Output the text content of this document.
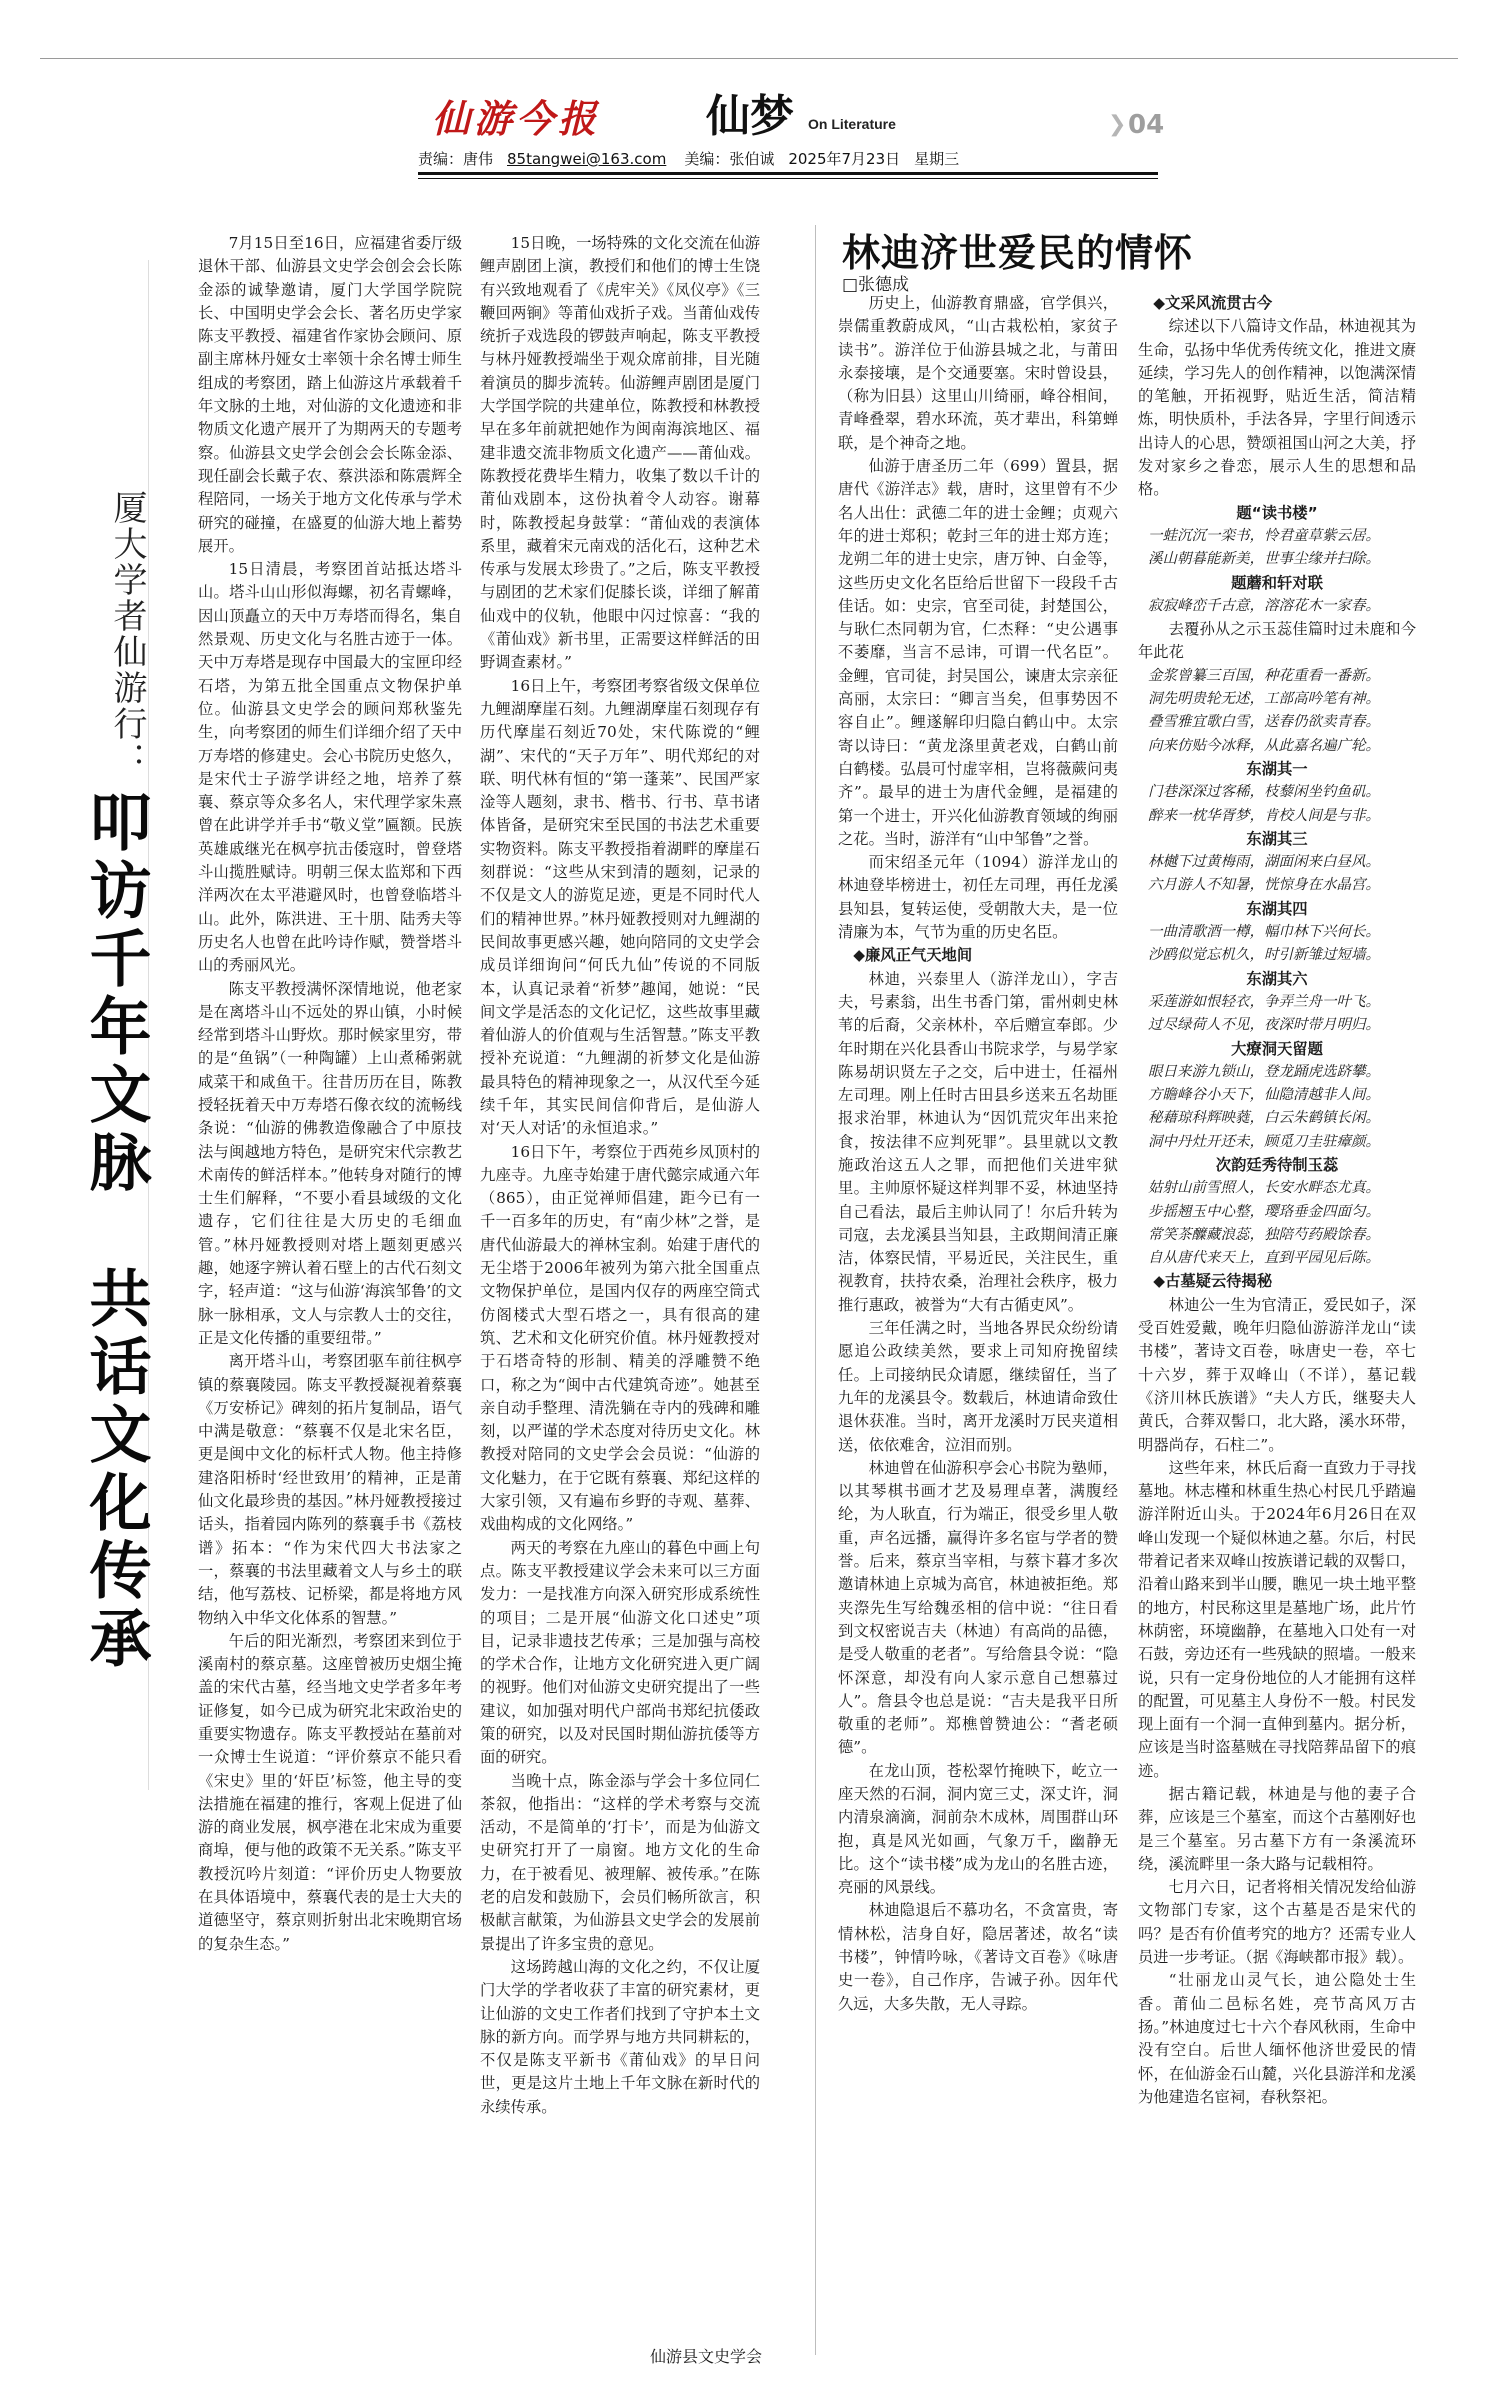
仙游今报 仙梦 On Literature	❯ 04
责编：唐伟 85tangwei@163.com 美编：张伯诚 2025年7月23日 星期三
厦大学者仙游行：
叩访千年文脉　共话文化传承

7月15日至16日，应福建省委厅级退休干部、仙游县文史学会创会会长陈金添的诚挚邀请，厦门大学国学院院长、中国明史学会会长、著名历史学家陈支平教授、福建省作家协会顾问、原副主席林丹娅女士率领十余名博士师生组成的考察团，踏上仙游这片承载着千年文脉的土地，对仙游的文化遗迹和非物质文化遗产展开了为期两天的专题考察。仙游县文史学会创会会长陈金添、现任副会长戴子农、蔡洪添和陈震辉全程陪同，一场关于地方文化传承与学术研究的碰撞，在盛夏的仙游大地上蓄势展开。

15日清晨，考察团首站抵达塔斗山。塔斗山山形似海螺，初名青螺峰，因山顶矗立的天中万寿塔而得名，集自然景观、历史文化与名胜古迹于一体。天中万寿塔是现存中国最大的宝匣印经石塔，为第五批全国重点文物保护单位。仙游县文史学会的顾问郑秋鉴先生，向考察团的师生们详细介绍了天中万寿塔的修建史。会心书院历史悠久，是宋代士子游学讲经之地，培养了蔡襄、蔡京等众多名人，宋代理学家朱熹曾在此讲学并手书“敬义堂”匾额。民族英雄戚继光在枫亭抗击倭寇时，曾登塔斗山揽胜赋诗。明朝三保太监郑和下西洋两次在太平港避风时，也曾登临塔斗山。此外，陈洪进、王十朋、陆秀夫等历史名人也曾在此吟诗作赋，赞誉塔斗山的秀丽风光。

陈支平教授满怀深情地说，他老家是在离塔斗山不远处的界山镇，小时候经常到塔斗山野炊。那时候家里穷，带的是“鱼锅”（一种陶罐）上山煮稀粥就咸菜干和咸鱼干。往昔历历在目，陈教授轻抚着天中万寿塔石像衣纹的流畅线条说：“仙游的佛教造像融合了中原技法与闽越地方特色，是研究宋代宗教艺术南传的鲜活样本。”他转身对随行的博士生们解释，“不要小看县域级的文化遗存，它们往往是大历史的毛细血管。”林丹娅教授则对塔上题刻更感兴趣，她逐字辨认着石壁上的古代石刻文字，轻声道：“这与仙游‘海滨邹鲁’的文脉一脉相承，文人与宗教人士的交往，正是文化传播的重要纽带。”

离开塔斗山，考察团驱车前往枫亭镇的蔡襄陵园。陈支平教授凝视着蔡襄《万安桥记》碑刻的拓片复制品，语气中满是敬意：“蔡襄不仅是北宋名臣，更是闽中文化的标杆式人物。他主持修建洛阳桥时‘经世致用’的精神，正是莆仙文化最珍贵的基因。”林丹娅教授接过话头，指着园内陈列的蔡襄手书《荔枝谱》拓本：“作为宋代四大书法家之一，蔡襄的书法里藏着文人与乡土的联结，他写荔枝、记桥梁，都是将地方风物纳入中华文化体系的智慧。”

午后的阳光渐烈，考察团来到位于溪南村的蔡京墓。这座曾被历史烟尘掩盖的宋代古墓，经当地文史学者多年考证修复，如今已成为研究北宋政治史的重要实物遗存。陈支平教授站在墓前对一众博士生说道：“评价蔡京不能只看《宋史》里的‘奸臣’标签，他主导的变法措施在福建的推行，客观上促进了仙游的商业发展，枫亭港在北宋成为重要商埠，便与他的政策不无关系。”陈支平教授沉吟片刻道：“评价历史人物要放在具体语境中，蔡襄代表的是士大夫的道德坚守，蔡京则折射出北宋晚期官场的复杂生态。”

15日晚，一场特殊的文化交流在仙游鲤声剧团上演，教授们和他们的博士生饶有兴致地观看了《虎牢关》《凤仪亭》《三鞭回两锏》等莆仙戏折子戏。当莆仙戏传统折子戏选段的锣鼓声响起，陈支平教授与林丹娅教授端坐于观众席前排，目光随着演员的脚步流转。仙游鲤声剧团是厦门大学国学院的共建单位，陈教授和林教授早在多年前就把她作为闽南海滨地区、福建非遗交流非物质文化遗产——莆仙戏。陈教授花费毕生精力，收集了数以千计的莆仙戏剧本，这份执着令人动容。谢幕时，陈教授起身鼓掌：“莆仙戏的表演体系里，藏着宋元南戏的活化石，这种艺术传承与发展太珍贵了。”之后，陈支平教授与剧团的艺术家们促膝长谈，详细了解莆仙戏中的仪轨，他眼中闪过惊喜：“我的《莆仙戏》新书里，正需要这样鲜活的田野调查素材。”

16日上午，考察团考察省级文保单位九鲤湖摩崖石刻。九鲤湖摩崖石刻现存有历代摩崖石刻近70处，宋代陈谠的“鲤湖”、宋代的“天子万年”、明代郑纪的对联、明代林有恒的“第一蓬莱”、民国严家淦等人题刻，隶书、楷书、行书、草书诸体皆备，是研究宋至民国的书法艺术重要实物资料。陈支平教授指着湖畔的摩崖石刻群说：“这些从宋到清的题刻，记录的不仅是文人的游览足迹，更是不同时代人们的精神世界。”林丹娅教授则对九鲤湖的民间故事更感兴趣，她向陪同的文史学会成员详细询问“何氏九仙”传说的不同版本，认真记录着“祈梦”趣闻，她说：“民间文学是活态的文化记忆，这些故事里藏着仙游人的价值观与生活智慧。”陈支平教授补充说道：“九鲤湖的祈梦文化是仙游最具特色的精神现象之一，从汉代至今延续千年，其实民间信仰背后，是仙游人对‘天人对话’的永恒追求。”

16日下午，考察位于西苑乡凤顶村的九座寺。九座寺始建于唐代懿宗咸通六年（865），由正觉禅师倡建，距今已有一千一百多年的历史，有“南少林”之誉，是唐代仙游最大的禅林宝刹。始建于唐代的无尘塔于2006年被列为第六批全国重点文物保护单位，是国内仅存的两座空筒式仿阁楼式大型石塔之一，具有很高的建筑、艺术和文化研究价值。林丹娅教授对于石塔奇特的形制、精美的浮雕赞不绝口，称之为“闽中古代建筑奇迹”。她甚至亲自动手整理、清洗躺在寺内的残碑和雕刻，以严谨的学术态度对待历史文化。林教授对陪同的文史学会会员说：“仙游的文化魅力，在于它既有蔡襄、郑纪这样的大家引领，又有遍布乡野的寺观、墓葬、戏曲构成的文化网络。”

两天的考察在九座山的暮色中画上句点。陈支平教授建议学会未来可以三方面发力：一是找准方向深入研究形成系统性的项目；二是开展“仙游文化口述史”项目，记录非遗技艺传承；三是加强与高校的学术合作，让地方文化研究进入更广阔的视野。他们对仙游文史研究提出了一些建议，如加强对明代户部尚书郑纪抗倭政策的研究，以及对民国时期仙游抗倭等方面的研究。

当晚十点，陈金添与学会十多位同仁茶叙，他指出：“这样的学术考察与交流活动，不是简单的‘打卡’，而是为仙游文史研究打开了一扇窗。地方文化的生命力，在于被看见、被理解、被传承。”在陈老的启发和鼓励下，会员们畅所欲言，积极献言献策，为仙游县文史学会的发展前景提出了许多宝贵的意见。

这场跨越山海的文化之约，不仅让厦门大学的学者收获了丰富的研究素材，更让仙游的文史工作者们找到了守护本土文脉的新方向。而学界与地方共同耕耘的，不仅是陈支平新书《莆仙戏》的早日问世，更是这片土地上千年文脉在新时代的永续传承。

仙游县文史学会
林迪济世爱民的情怀
□张德成

历史上，仙游教育鼎盛，官学俱兴，崇儒重教蔚成风，“山古栽松柏，家贫子读书”。游洋位于仙游县城之北，与莆田永泰接壤，是个交通要塞。宋时曾设县，（称为旧县）这里山川绮丽，峰谷相间，青峰叠翠，碧水环流，英才辈出，科第蝉联，是个神奇之地。

仙游于唐圣历二年（699）置县，据唐代《游洋志》载，唐时，这里曾有不少名人出仕：武德二年的进士金鲤；贞观六年的进士郑积；乾封三年的进士郑方连；龙朔二年的进士史宗，唐万钟、白金等，这些历史文化名臣给后世留下一段段千古佳话。如：史宗，官至司徒，封楚国公，与耿仁杰同朝为官，仁杰释：“史公遇事不萎靡，当言不忌讳，可谓一代名臣”。金鲤，官司徒，封吴国公，谏唐太宗亲征高丽，太宗曰：“卿言当矣，但事势因不容自止”。鲤遂解印归隐白鹤山中。太宗寄以诗曰：“黄龙涤里黄老戏，白鹤山前白鹤楼。弘晨可忖虚宰相，岂将薇蕨问夷齐”。最早的进士为唐代金鲤，是福建的第一个进士，开兴化仙游教育领域的绚丽之花。当时，游洋有“山中邹鲁”之誉。

而宋绍圣元年（1094）游洋龙山的林迪登毕榜进士，初任左司理，再任龙溪县知县，复转运使，受朝散大夫，是一位清廉为本，气节为重的历史名臣。

◆廉风正气天地间

林迪，兴泰里人（游洋龙山），字吉夫，号素翁，出生书香门第，雷州刺史林苇的后裔，父亲林朴，卒后赠宣奉郎。少年时期在兴化县香山书院求学，与易学家陈易胡识贤左子之交，后中进士，任福州左司理。刚上任时古田县乡送来五名劫匪报求治罪，林迪认为“因饥荒灾年出来抢食，按法律不应判死罪”。县里就以文教施政治这五人之罪，而把他们关进牢狱里。主帅原怀疑这样判罪不妥，林迪坚持自己看法，最后主帅认同了！尔后升转为司寇，去龙溪县当知县，主政期间清正廉洁，体察民情，平易近民，关注民生，重视教育，扶持农桑，治理社会秩序，极力推行惠政，被誉为“大有古循吏风”。

三年任满之时，当地各界民众纷纷请愿追公政续美然，要求上司知府挽留续任。上司接纳民众请愿，继续留任，当了九年的龙溪县令。数载后，林迪请命致仕退休获准。当时，离开龙溪时万民夹道相送，依依难舍，泣泪而别。

林迪曾在仙游积亭会心书院为塾师，以其琴棋书画才艺及易理卓著，满腹经纶，为人耿直，行为端正，很受乡里人敬重，声名远播，赢得许多名宦与学者的赞誉。后来，蔡京当宰相，与蔡卞暮才多次邀请林迪上京城为高官，林迪被拒绝。郑夹漈先生写给魏丞相的信中说：“往日看到文权密说吉夫（林迪）有高尚的品德，是受人敬重的老者”。写给詹县令说：“隐怀深意，却没有向人家示意自己想慕过人”。詹县令也总是说：“吉夫是我平日所敬重的老师”。郑樵曾赞迪公：“耆老硕德”。

在龙山顶，苍松翠竹掩映下，屹立一座天然的石洞，洞内宽三丈，深丈许，洞内清泉滴滴，洞前杂木成林，周围群山环抱，真是风光如画，气象万千，幽静无比。这个“读书楼”成为龙山的名胜古迹，亮丽的风景线。

林迪隐退后不慕功名，不贪富贵，寄情林松，洁身自好，隐居著述，故名“读书楼”，钟情吟咏，《著诗文百卷》《咏唐史一卷》，自己作序，告诫子孙。因年代久远，大多失散，无人寻踪。

◆文采风流贯古今

综述以下八篇诗文作品，林迪视其为生命，弘扬中华优秀传统文化，推进文赓延续，学习先人的创作精神，以饱满深情的笔触，开拓视野，贴近生活，简洁精炼，明快质朴，手法各异，字里行间透示出诗人的心思，赞颂祖国山河之大美，抒发对家乡之眷恋，展示人生的思想和品格。

题“读书楼”

一蛙沉沉一栾书，怜君童草紫云居。

溪山朝暮能新美，世事尘缘并扫除。

题蘑和轩对联

寂寂峰峦千古意，溶溶花木一家春。

去覆孙从之示玉蕊佳篇时过未鹿和今年此花

金浆曾纂三百国，种花重看一番新。

洞先明贵轮无述，工部高吟笔有神。

叠雪雅宜歌白雪，送春仍欲卖青春。

向来仿贴今冰释，从此嘉名遍广轮。

东湖其一

门巷深深过客稀，枝藜闲坐钓鱼矶。

醉来一枕华胥梦，肯校人间是与非。

东湖其三

林樾下过黄梅雨，湖面闲来白昼风。

六月游人不知暑，恍惊身在水晶宫。

东湖其四

一曲清歌酒一樽，幅巾林下兴何长。

沙鸥似觉忘机久，时引新雏过短墙。

东湖其六

采莲游如恨轻衣，争弄兰舟一叶飞。

过尽绿荷人不见，夜深时带月明归。

大療洞天留题

眼日来游九锁山，登龙踊虎选跻攀。

方瞻峰谷小天下，仙隐清越非人间。

秘藉琼科辉映蕤，白云朱鹤镇长闲。

洞中丹灶开还未，顾觅刀圭驻瘴颜。

次韵廷秀待制玉蕊

姑射山前雪照人，长安水畔态尤真。

步摇翘玉中心整，璎珞垂金四面匀。

常笑茶醾藏浪蕊，独陪芍药殿馀春。

自从唐代来天上，直到平园见后陈。

◆古墓疑云待揭秘

林迪公一生为官清正，爱民如子，深受百姓爱戴，晚年归隐仙游游洋龙山“读书楼”，著诗文百卷，咏唐史一卷，卒七十六岁，葬于双峰山（不详），墓记载《济川林氏族谱》“夫人方氏，继娶夫人黄氏，合葬双髻口，北大路，溪水环带，明器尚存，石柱二”。

这些年来，林氏后裔一直致力于寻找墓地。林志槿和林重生热心村民几乎踏遍游洋附近山头。于2024年6月26日在双峰山发现一个疑似林迪之墓。尔后，村民带着记者来双峰山按族谱记载的双髻口，沿着山路来到半山腰，瞧见一块土地平整的地方，村民称这里是墓地广场，此片竹林荫密，环境幽静，在墓地入口处有一对石鼓，旁边还有一些残缺的照墙。一般来说，只有一定身份地位的人才能拥有这样的配置，可见墓主人身份不一般。村民发现上面有一个洞一直伸到墓内。据分析，应该是当时盗墓贼在寻找陪葬品留下的痕迹。

据古籍记载，林迪是与他的妻子合葬，应该是三个墓室，而这个古墓刚好也是三个墓室。另古墓下方有一条溪流环绕，溪流畔里一条大路与记载相符。

七月六日，记者将相关情况发给仙游文物部门专家，这个古墓是否是宋代的吗？是否有价值考究的地方？还需专业人员进一步考证。（据《海峡都市报》载）。

“壮丽龙山灵气长，迪公隐处士生香。莆仙二邑标名姓，亮节高风万古扬。”林迪度过七十六个春风秋雨，生命中没有空白。后世人缅怀他济世爱民的情怀，在仙游金石山麓，兴化县游洋和龙溪为他建造名宦祠，春秋祭祀。
